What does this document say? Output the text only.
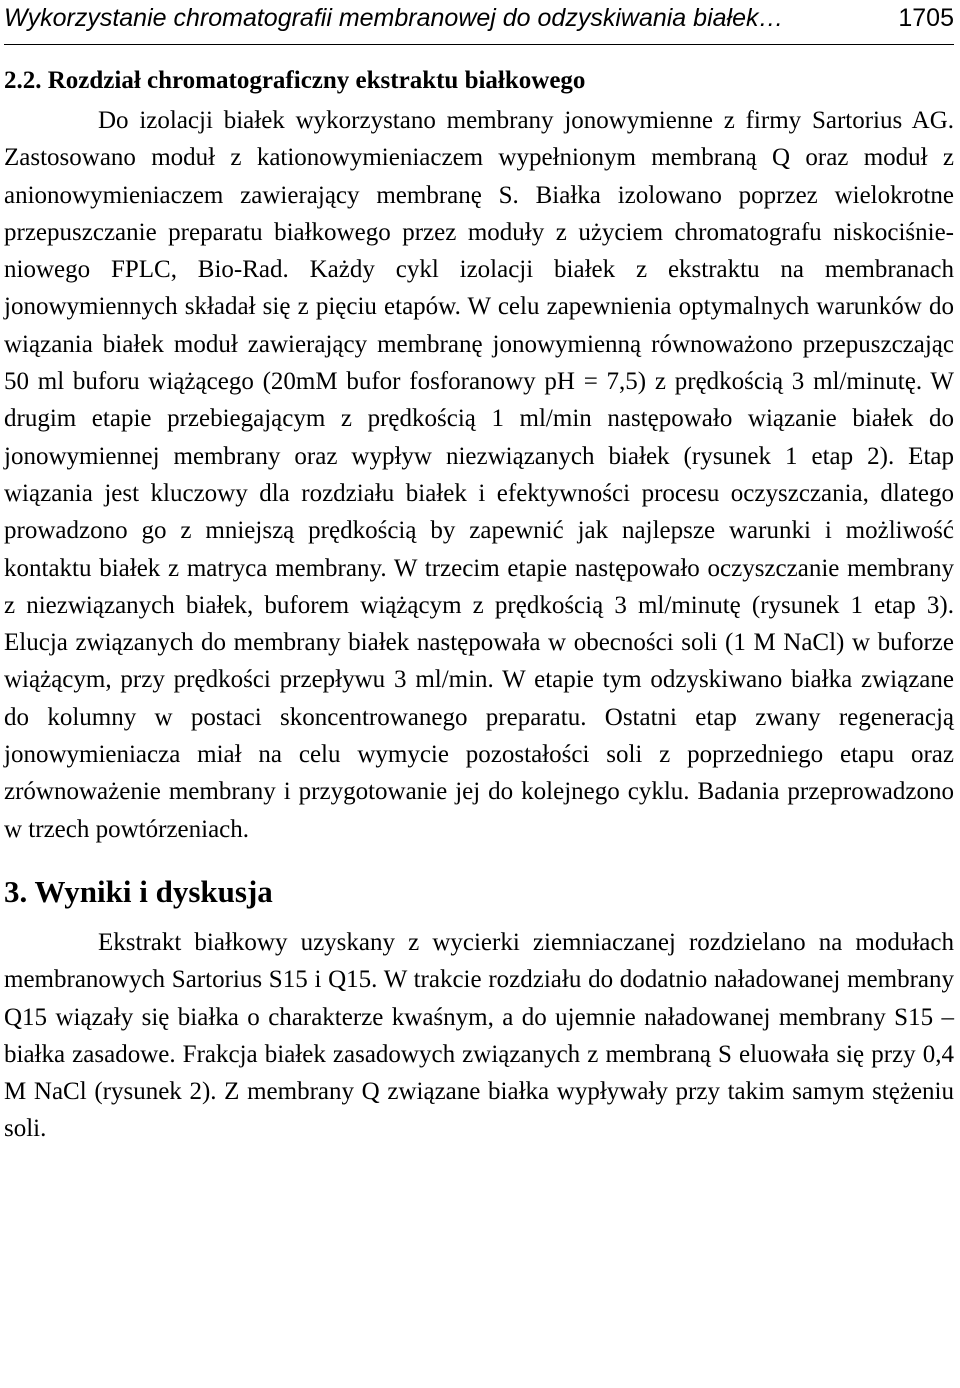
Wykorzystanie chromatografii membranowej do odzyskiwania białek…	1705
2.2. Rozdział chromatograficzny ekstraktu białkowego

Do izolacji białek wykorzystano membrany jonowymienne z firmy Sartorius AG. Zastosowano moduł z kationowymieniaczem wypełnionym membraną Q oraz moduł z anionowymieniaczem zawierający membranę S. Białka izolowano poprzez wielokrotne przepuszczanie preparatu białkowego przez moduły z użyciem chromatografu niskociśnieniowego FPLC, Bio-Rad. Każdy cykl izolacji białek z ekstraktu na membranach jonowymiennych składał się z pięciu etapów. W celu zapewnienia optymalnych warunków do wiązania białek moduł zawierający membranę jonowymienną równoważono przepuszczając 50 ml buforu wiążącego (20mM bufor fosforanowy pH = 7,5) z prędkością 3 ml/minutę. W drugim etapie przebiegającym z prędkością 1 ml/min następowało wiązanie białek do jonowymiennej membrany oraz wypływ niezwiązanych białek (rysunek 1 etap 2). Etap wiązania jest kluczowy dla rozdziału białek i efektywności procesu oczyszczania, dlatego prowadzono go z mniejszą prędkością by zapewnić jak najlepsze warunki i możliwość kontaktu białek z matryca membrany. W trzecim etapie następowało oczyszczanie membrany z niezwiązanych białek, buforem wiążącym z prędkością 3 ml/minutę (rysunek 1 etap 3). Elucja związanych do membrany białek następowała w obecności soli (1 M NaCl) w buforze wiążącym, przy prędkości przepływu 3 ml/min. W etapie tym odzyskiwano białka związane do kolumny w postaci skoncentrowanego preparatu. Ostatni etap zwany regeneracją jonowymieniacza miał na celu wymycie pozostałości soli z poprzedniego etapu oraz zrównoważenie membrany i przygotowanie jej do kolejnego cyklu. Badania przeprowadzono w trzech powtórzeniach.

3. Wyniki i dyskusja

Ekstrakt białkowy uzyskany z wycierki ziemniaczanej rozdzielano na modułach membranowych Sartorius S15 i Q15. W trakcie rozdziału do dodatnio naładowanej membrany Q15 wiązały się białka o charakterze kwaśnym, a do ujemnie naładowanej membrany S15 – białka zasadowe. Frakcja białek zasadowych związanych z membraną S eluowała się przy 0,4 M NaCl (rysunek 2). Z membrany Q związane białka wypływały przy takim samym stężeniu soli.
